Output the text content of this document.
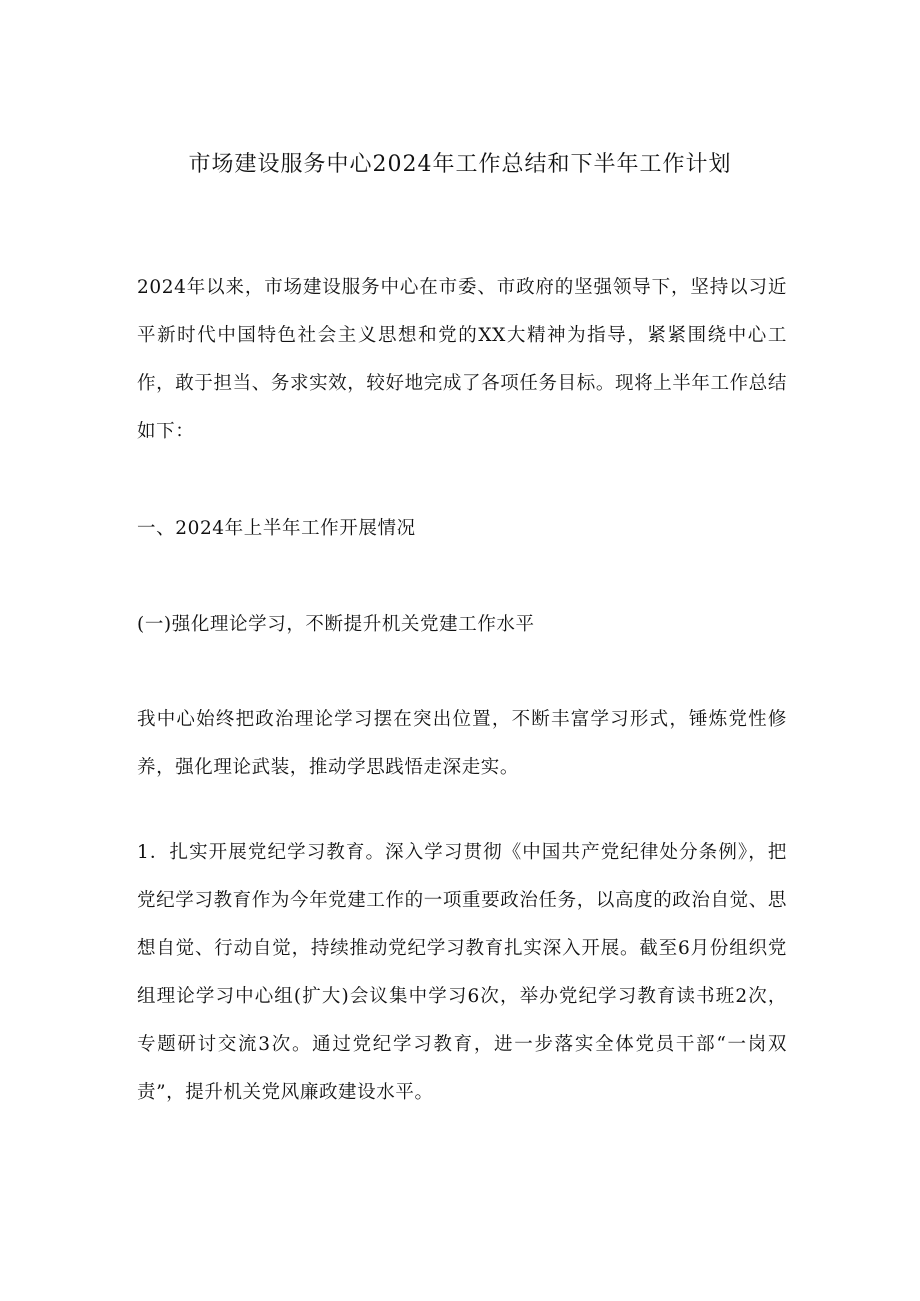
市场建设服务中心2024年工作总结和下半年工作计划
2024年以来，市场建设服务中心在市委、市政府的坚强领导下，坚持以习近平新时代中国特色社会主义思想和党的XX大精神为指导，紧紧围绕中心工作，敢于担当、务求实效，较好地完成了各项任务目标。现将上半年工作总结如下：
一、2024年上半年工作开展情况
(一)强化理论学习，不断提升机关党建工作水平
我中心始终把政治理论学习摆在突出位置，不断丰富学习形式，锤炼党性修养，强化理论武装，推动学思践悟走深走实。
1．扎实开展党纪学习教育。深入学习贯彻《中国共产党纪律处分条例》，把党纪学习教育作为今年党建工作的一项重要政治任务，以高度的政治自觉、思想自觉、行动自觉，持续推动党纪学习教育扎实深入开展。截至6月份组织党组理论学习中心组(扩大)会议集中学习6次，举办党纪学习教育读书班2次，专题研讨交流3次。通过党纪学习教育，进一步落实全体党员干部“一岗双责”，提升机关党风廉政建设水平。
